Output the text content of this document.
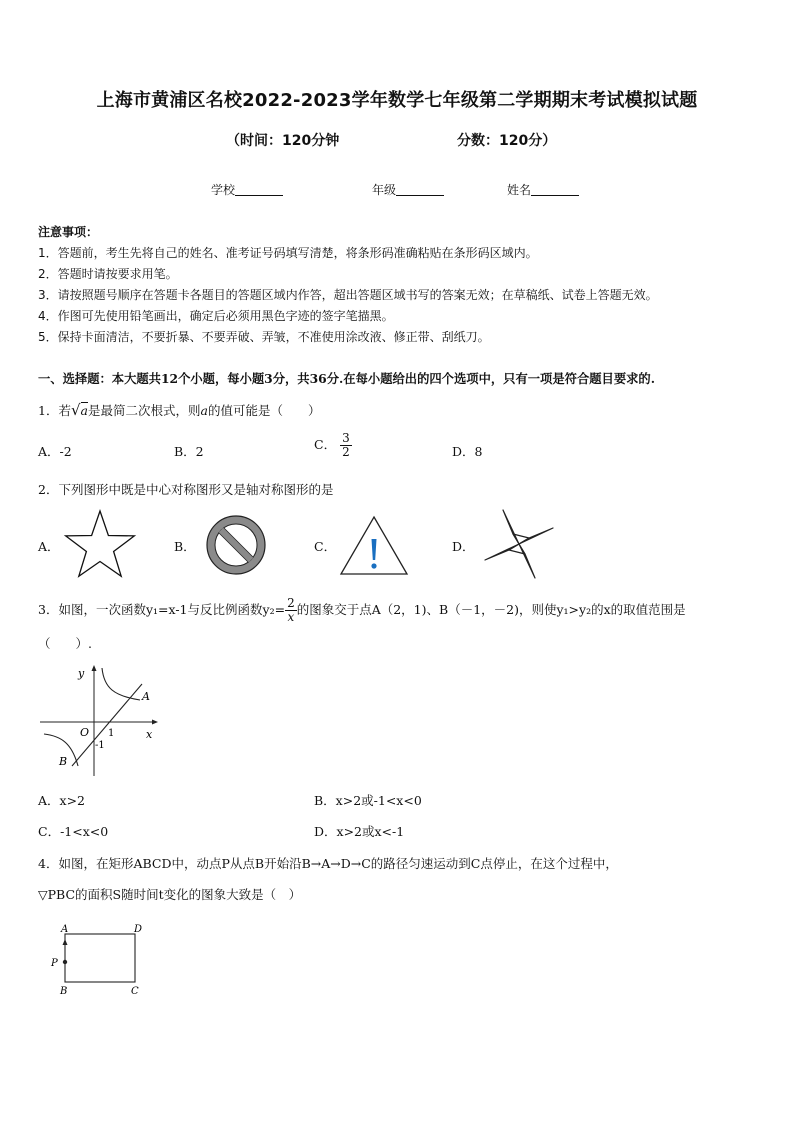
上海市黄浦区名校2022-2023学年数学七年级第二学期期末考试模拟试题
（时间：120分钟	分数：120分）
学校	年级	姓名
注意事项：
1．答题前，考生先将自己的姓名、准考证号码填写清楚，将条形码准确粘贴在条形码区域内。
2．答题时请按要求用笔。
3．请按照题号顺序在答题卡各题目的答题区域内作答，超出答题区域书写的答案无效；在草稿纸、试卷上答题无效。
4．作图可先使用铅笔画出，确定后必须用黑色字迹的签字笔描黑。
5．保持卡面清洁，不要折暴、不要弄破、弄皱，不准使用涂改液、修正带、刮纸刀。
一、选择题：本大题共12个小题，每小题3分，共36分.在每小题给出的四个选项中，只有一项是符合题目要求的.
1．若√a是最简二次根式，则a的值可能是（　　）
A．-2	B．2	C． $\frac{3}{2}$	D．8
2．下列图形中既是中心对称图形又是轴对称图形的是
A．	B．	C．	D．
3．如图，一次函数y₁=x-1与反比例函数$y_2= \frac{2}{x}$ 的图象交于点A（2，1)、B（－1，－2)，则使y₁>y₂的x的取值范围是
（　　）.
y
x
O 1
-1
A
B
A．x>2	B．x>2或-1<x<0
C．-1<x<0	D．x>2或x<-1
4．如图，在矩形ABCD中，动点P从点B开始沿B→A→D→C的路径匀速运动到C点停止，在这个过程中，
▽PBC的面积S随时间t变化的图象大致是（　）
A	D
P
B	C
